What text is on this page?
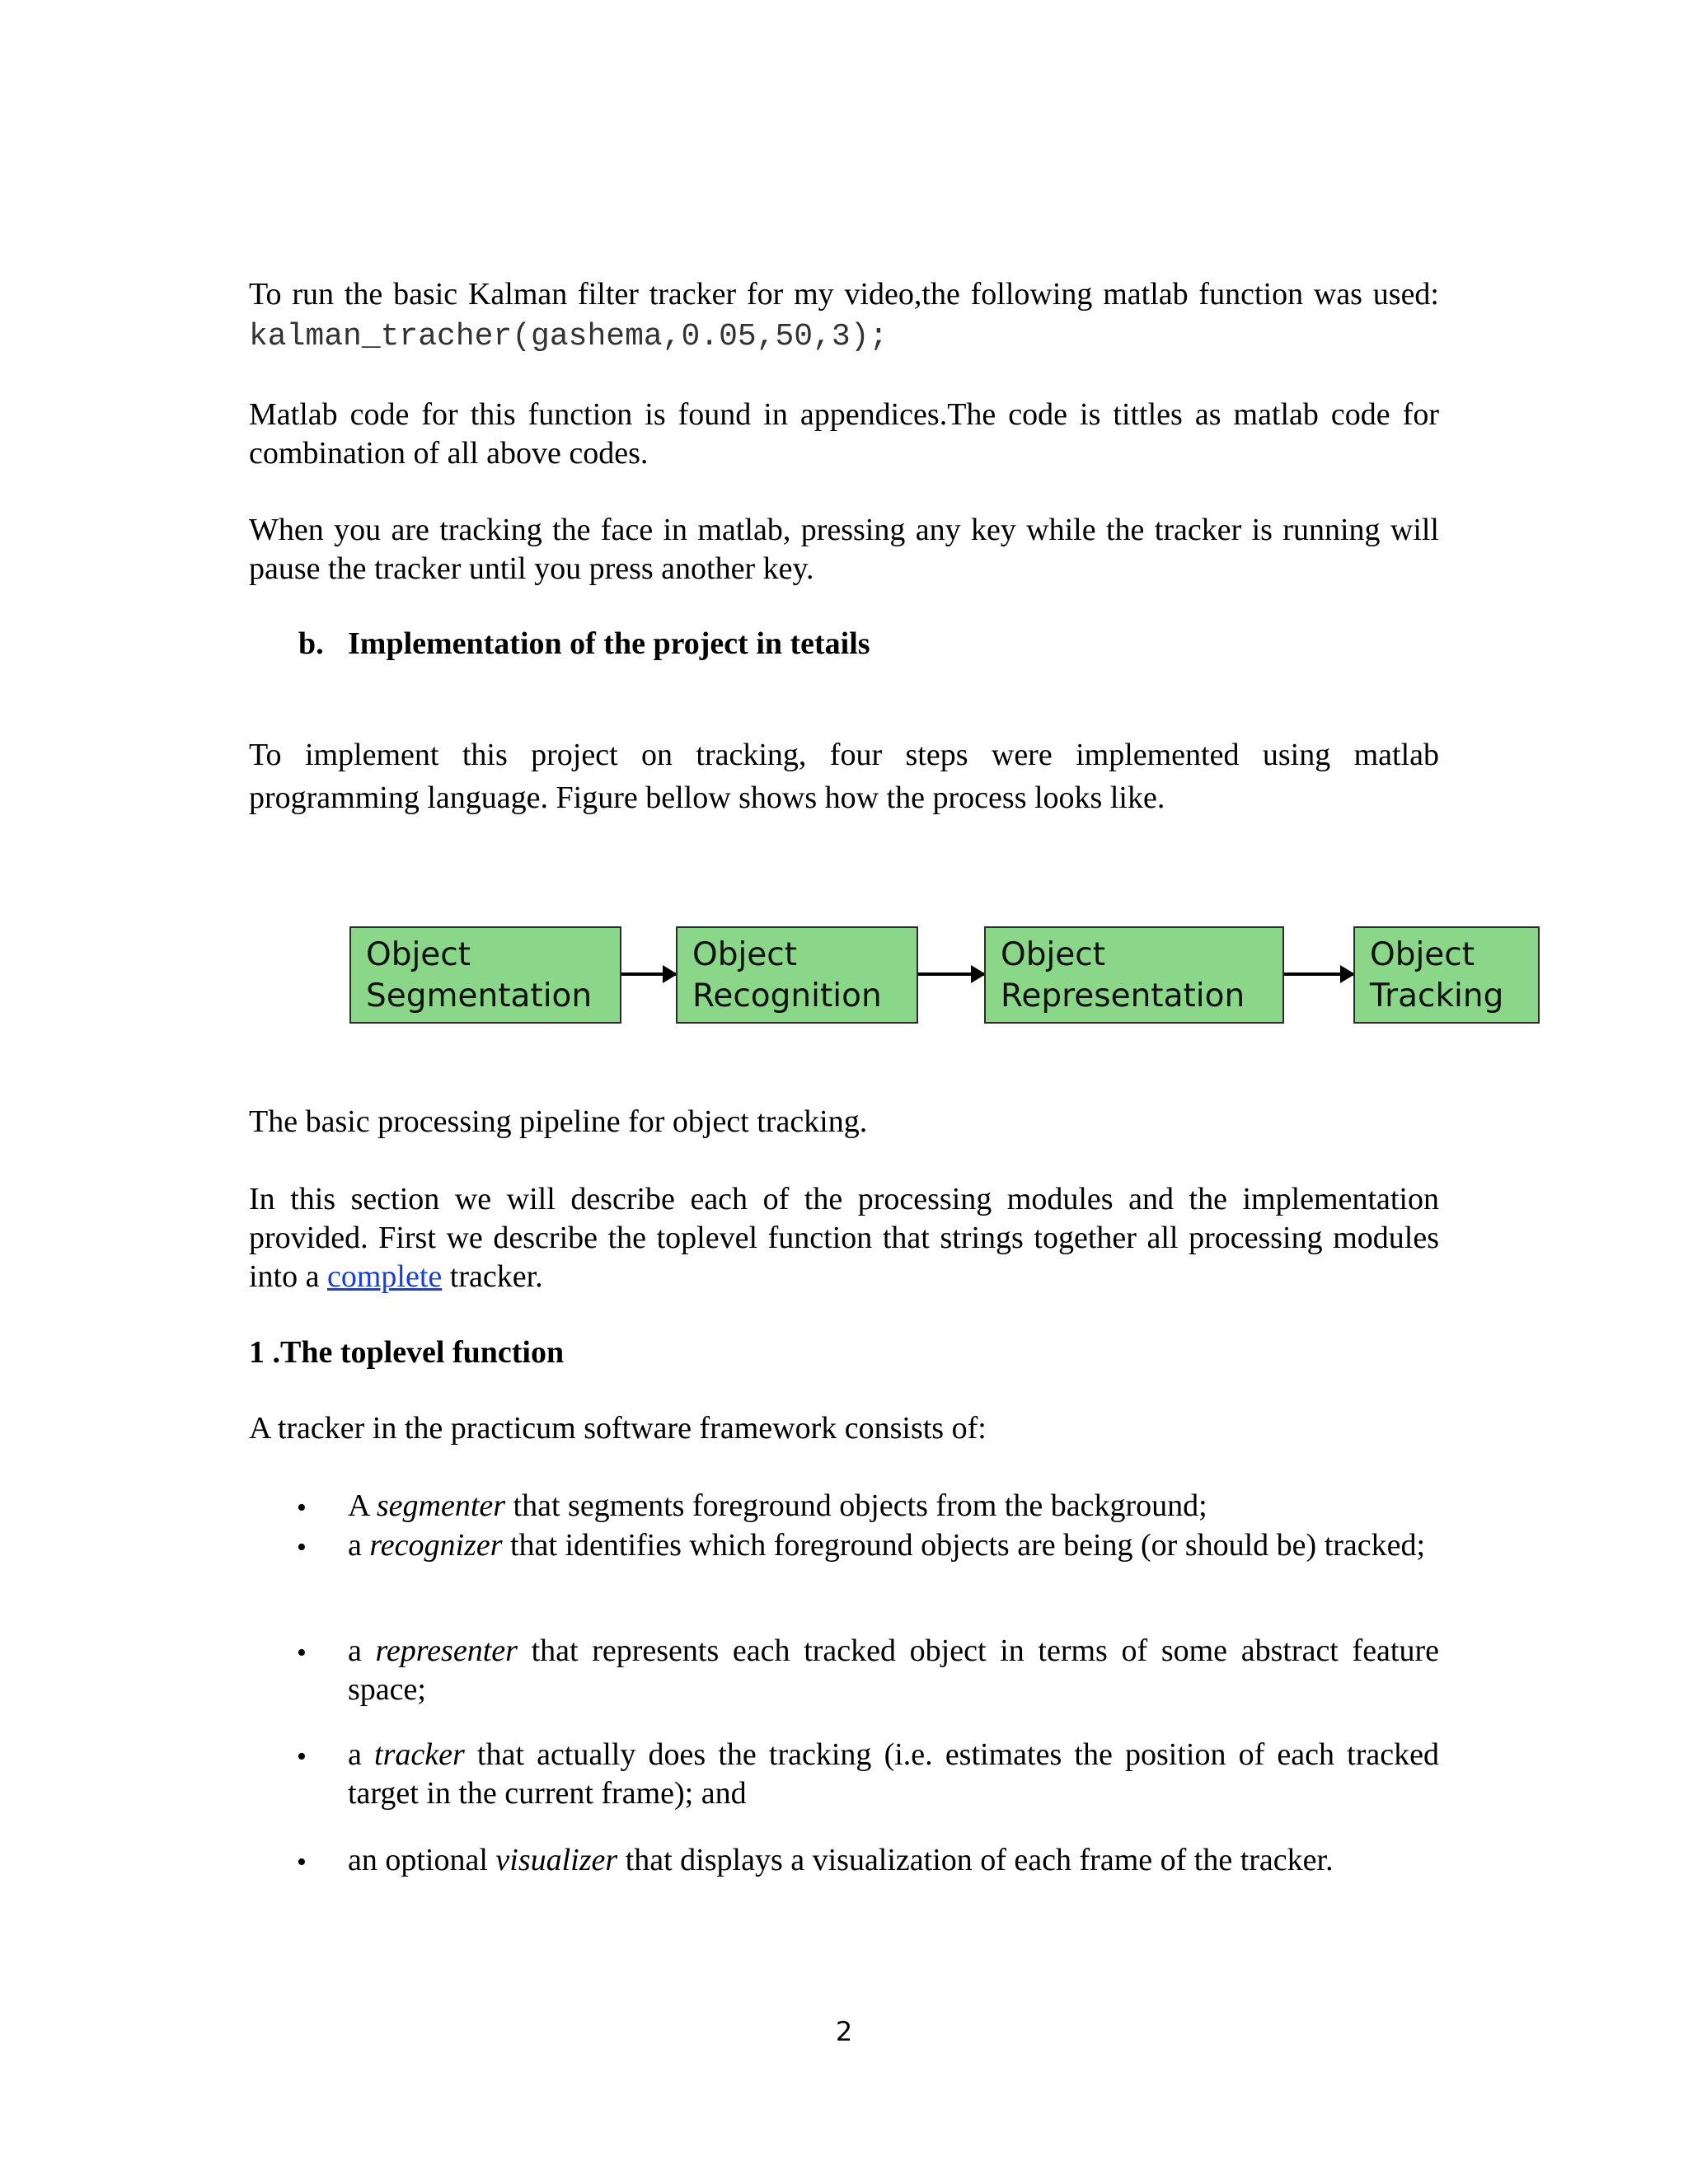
To run the basic Kalman filter tracker for my video,the following matlab function was used: kalman_tracher(gashema,0.05,50,3);

Matlab code for this function is found in appendices.The code is tittles as matlab code for combination of all above codes.

When you are tracking the face in matlab, pressing any key while the tracker is running will pause the tracker until you press another key.

b. Implementation of the project in tetails

To implement this project on tracking, four steps were implemented using matlab programming language. Figure bellow shows how the process looks like.

Object
Segmentation
Object
Recognition
Object
Representation
Object
Tracking

The basic processing pipeline for object tracking.

In this section we will describe each of the processing modules and the implementation provided. First we describe the toplevel function that strings together all processing modules into a complete tracker.

1 .The toplevel function

A tracker in the practicum software framework consists of:

• A segmenter that segments foreground objects from the background;

• a recognizer that identifies which foreground objects are being (or should be) tracked;

• a representer that represents each tracked object in terms of some abstract feature space;

• a tracker that actually does the tracking (i.e. estimates the position of each tracked target in the current frame); and

• an optional visualizer that displays a visualization of each frame of the tracker.

2
